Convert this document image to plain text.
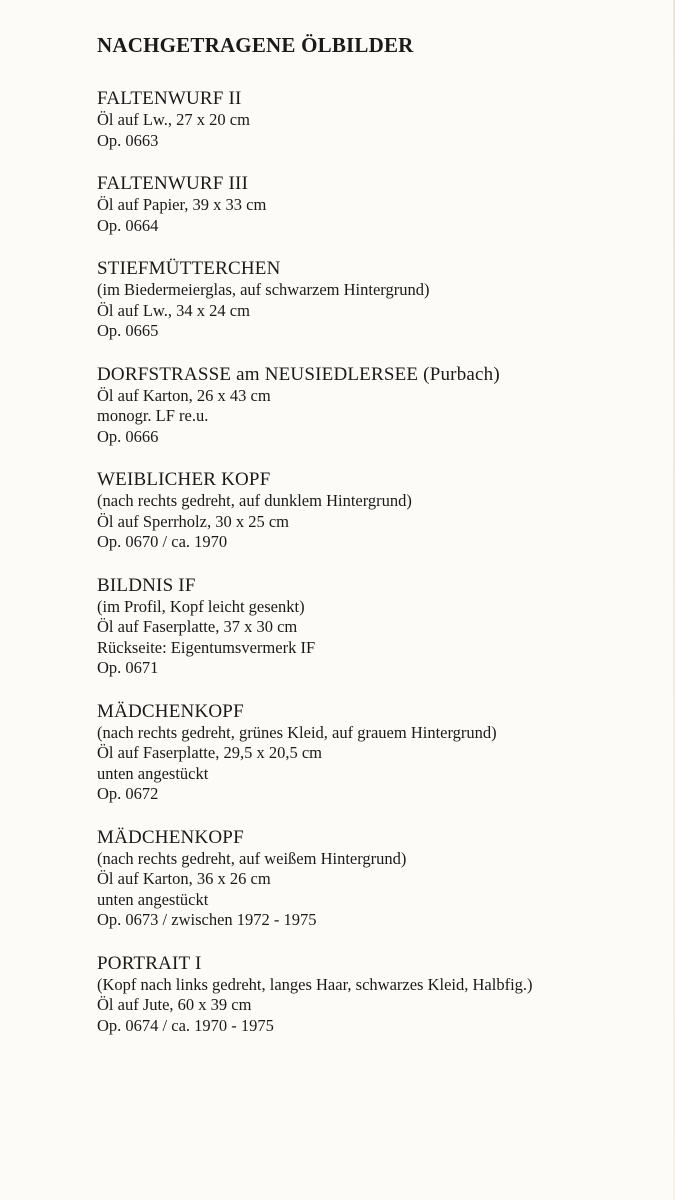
NACHGETRAGENE ÖLBILDER
FALTENWURF II
Öl auf Lw., 27 x 20 cm
Op. 0663
FALTENWURF III
Öl auf Papier, 39 x 33 cm
Op. 0664
STIEFMÜTTERCHEN
(im Biedermeierglas, auf schwarzem Hintergrund)
Öl auf Lw., 34 x 24 cm
Op. 0665
DORFSTRASSE am NEUSIEDLERSEE (Purbach)
Öl auf Karton, 26 x 43 cm
monogr. LF re.u.
Op. 0666
WEIBLICHER KOPF
(nach rechts gedreht, auf dunklem Hintergrund)
Öl auf Sperrholz, 30 x 25 cm
Op. 0670 / ca. 1970
BILDNIS IF
(im Profil, Kopf leicht gesenkt)
Öl auf Faserplatte, 37 x 30 cm
Rückseite: Eigentumsvermerk IF
Op. 0671
MÄDCHENKOPF
(nach rechts gedreht, grünes Kleid, auf grauem Hintergrund)
Öl auf Faserplatte, 29,5 x 20,5 cm
unten angestückt
Op. 0672
MÄDCHENKOPF
(nach rechts gedreht, auf weißem Hintergrund)
Öl auf Karton, 36 x 26 cm
unten angestückt
Op. 0673 / zwischen 1972 - 1975
PORTRAIT I
(Kopf nach links gedreht, langes Haar, schwarzes Kleid, Halbfig.)
Öl auf Jute, 60 x 39 cm
Op. 0674 / ca. 1970 - 1975
